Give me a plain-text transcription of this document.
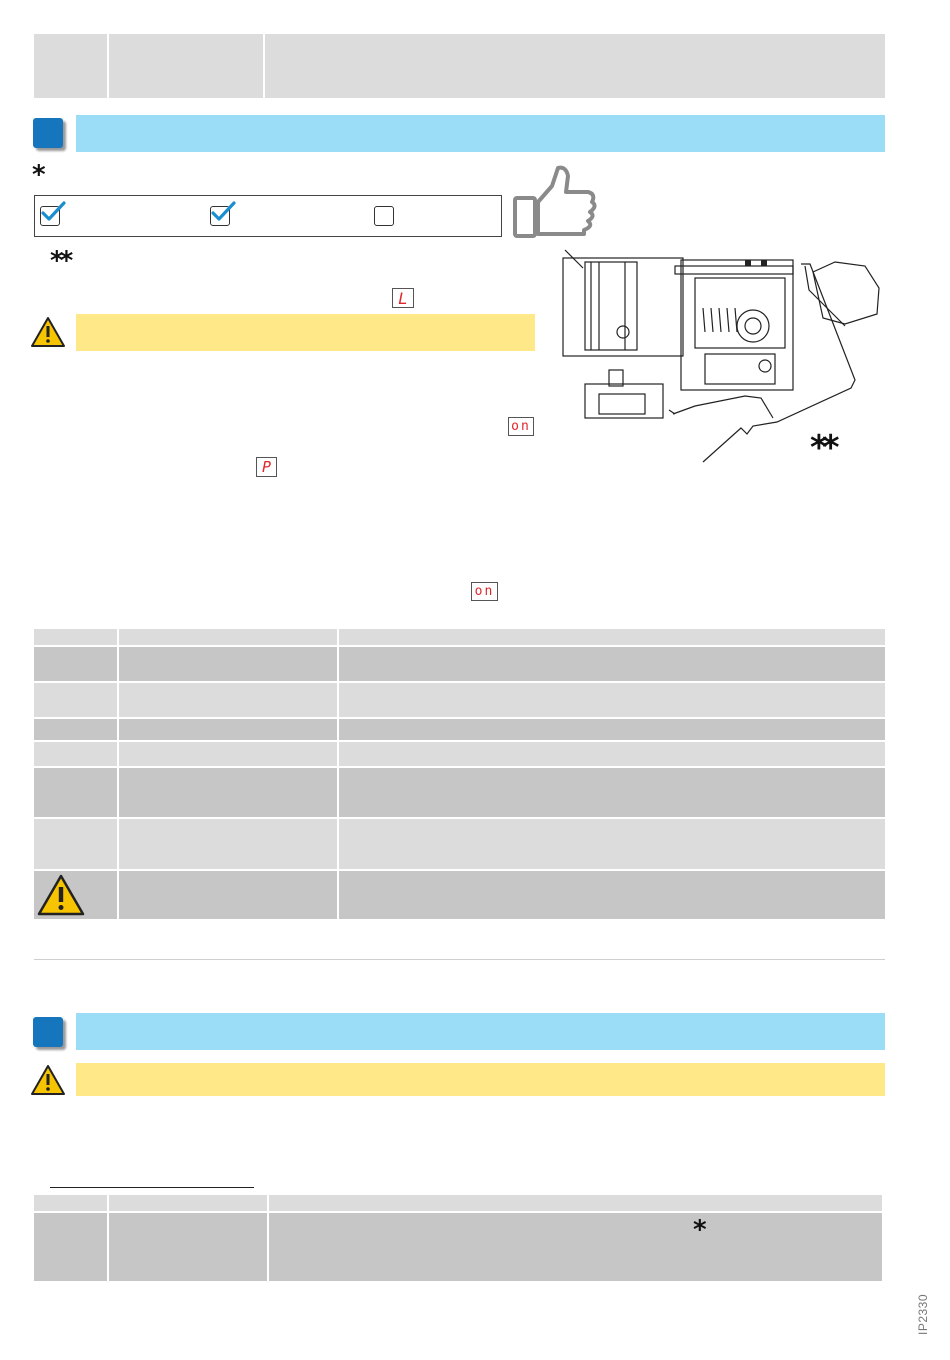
*
**
L
on
P
on
**
*
IP2330
